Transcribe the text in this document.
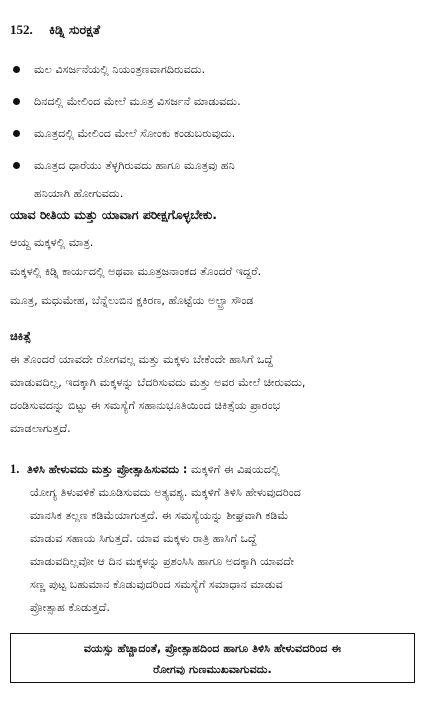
152. ಕಿಡ್ನಿ ಸುರಕ್ಷತೆ
ಮಲ ವಿಸರ್ಜನೆಯಲ್ಲಿ ನಿಯಂತ್ರಣವಾಗದಿರುವದು.
ದಿನದಲ್ಲಿ ಮೇಲಿಂದ ಮೇಲೆ ಮೂತ್ರ ವಿಸರ್ಜನೆ ಮಾಡುವದು.
ಮೂತ್ರದಲ್ಲಿ ಮೇಲಿಂದ ಮೇಲೆ ಸೋಂಕು ಕಂಡುಬರುವುದು.
ಮೂತ್ರದ ಧಾರೆಯು ತೆಳ್ಳಗಿರುವದು ಹಾಗೂ ಮೂತ್ರವು ಹನಿ
ಹನಿಯಾಗಿ ಹೋಗುವದು.
ಯಾವ ರೀತಿಯ ಮತ್ತು ಯಾವಾಗ ಪರೀಕ್ಷಗೊಳ್ಳಬೇಕು.
ಆಯ್ದ ಮಕ್ಕಳಲ್ಲಿ ಮಾತ್ರ.
ಮಕ್ಕಳಲ್ಲಿ ಕಿಡ್ನಿ ಕಾರ್ಯದಲ್ಲಿ ಅಥವಾ ಮೂತ್ರಜನಾಂಕದ ತೊಂದರೆ ಇದ್ದರೆ.
ಮೂತ್ರ, ಮಧುಮೇಹ, ಬೆನ್ನೆಲುಬಿನ ಕ್ಷಕಿರಣ, ಹೊಟ್ಟೆಯ ಅಲ್ಟ್ರಾ ಸೌಂಡ
ಚಿಕಿತ್ಸೆ
ಈ ತೊಂದರೆ ಯಾವದೇ ರೋಗವಲ್ಲ ಮತ್ತು ಮಕ್ಕಳು ಬೇಕೆಂದೇ ಹಾಸಿಗೆ ಒದ್ದೆ
ಮಾಡುವದಿಲ್ಲ, ಇದಕ್ಕಾಗಿ ಮಕ್ಕಳನ್ನು ಬೆದರಿಸುವದು ಮತ್ತು ಅವರ ಮೇಲೆ ಚೀರುವದು,
ದಂಡಿಸುವದನ್ನು ಬಿಟ್ಟು ಈ ಸಮಸ್ಯೆಗೆ ಸಹಾನುಭೂತಿಯಿಂದ ಚಿಕಿತ್ಸೆಯ ಪ್ರಾರಂಭ
ಮಾಡಲಾಗುತ್ತದೆ.
1. ತಿಳಿಸಿ ಹೇಳುವದು ಮತ್ತು ಪ್ರೋತ್ಸಾಹಿಸುವದು : ಮಕ್ಕಳಿಗೆ ಈ ವಿಷಯದಲ್ಲಿ
ಯೋಗ್ಯ ತಿಳುವಳಿಕೆ ಮೂಡಿಸುವದು ಅತ್ಯವಶ್ಯ. ಮಕ್ಕಳಿಗೆ ತಿಳಿಸಿ ಹೇಳುವುದರಿಂದ
ಮಾನಸಿಕ ತಲ್ಲಣ ಕಡಿಮೆಯಾಗುತ್ತದೆ. ಈ ಸಮಸ್ಯೆಯನ್ನು ಶೀಘ್ರವಾಗಿ ಕಡಿಮೆ
ಮಾಡುವ ಸಹಾಯ ಸಿಗುತ್ತದೆ. ಯಾವ ಮಕ್ಕಳು ರಾತ್ರಿ ಹಾಸಿಗೆ ಒದ್ದೆ
ಮಾಡುವದಿಲ್ಲವೋ ಆ ದಿನ ಮಕ್ಕಳನ್ನು ಪ್ರಶಂಸಿಸಿ ಹಾಗೂ ಅದಕ್ಕಾಗಿ ಯಾವದೇ
ಸಣ್ಣ ಪುಟ್ಟ ಬಹುಮಾನ ಕೊಡುವುದರಿಂದ ಸಮಸ್ಯೆಗೆ ಸಮಾಧಾನ ಮಾಡುವ
ಪ್ರೋತ್ಸಾಹ ಕೊಡುತ್ತದೆ.
ವಯಸ್ಸು ಹೆಚ್ಚಾದಂತೆ, ಪ್ರೋತ್ಸಾಹದಿಂದ ಹಾಗೂ ತಿಳಿಸಿ ಹೇಳುವದರಿಂದ ಈ
ರೋಗವು ಗುಣಮುಖವಾಗುವದು.
